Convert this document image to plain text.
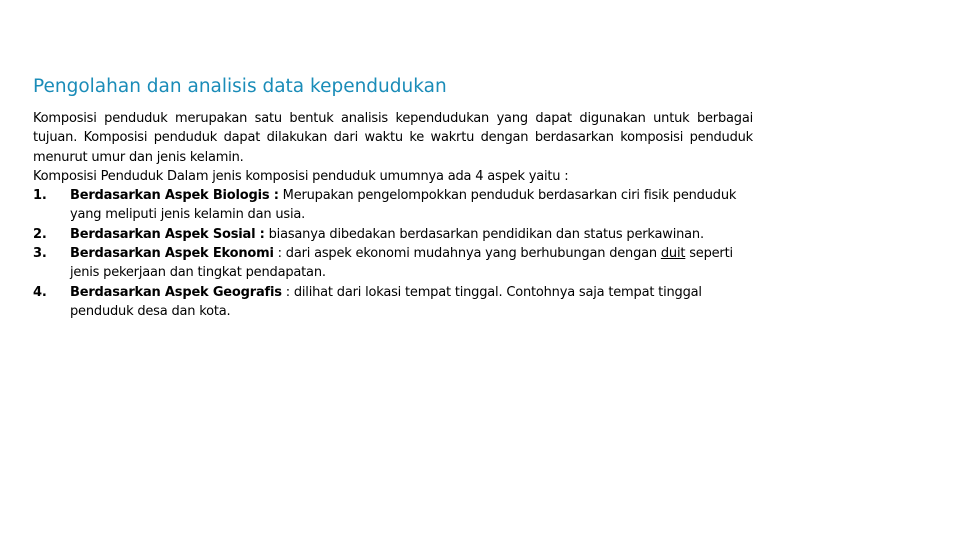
Pengolahan dan analisis data kependudukan

Komposisi penduduk merupakan satu bentuk analisis kependudukan yang dapat digunakan untuk berbagai tujuan. Komposisi penduduk dapat dilakukan dari waktu ke wakrtu dengan berdasarkan komposisi penduduk menurut umur dan jenis kelamin.

Komposisi Penduduk Dalam jenis komposisi penduduk umumnya ada 4 aspek yaitu :

1.	Berdasarkan Aspek Biologis : Merupakan pengelompokkan penduduk berdasarkan ciri fisik penduduk yang meliputi jenis kelamin dan usia.
2.	Berdasarkan Aspek Sosial : biasanya dibedakan berdasarkan pendidikan dan status perkawinan.
3.	Berdasarkan Aspek Ekonomi : dari aspek ekonomi mudahnya yang berhubungan dengan duit seperti jenis pekerjaan dan tingkat pendapatan.
4.	Berdasarkan Aspek Geografis : dilihat dari lokasi tempat tinggal. Contohnya saja tempat tinggal penduduk desa dan kota.
